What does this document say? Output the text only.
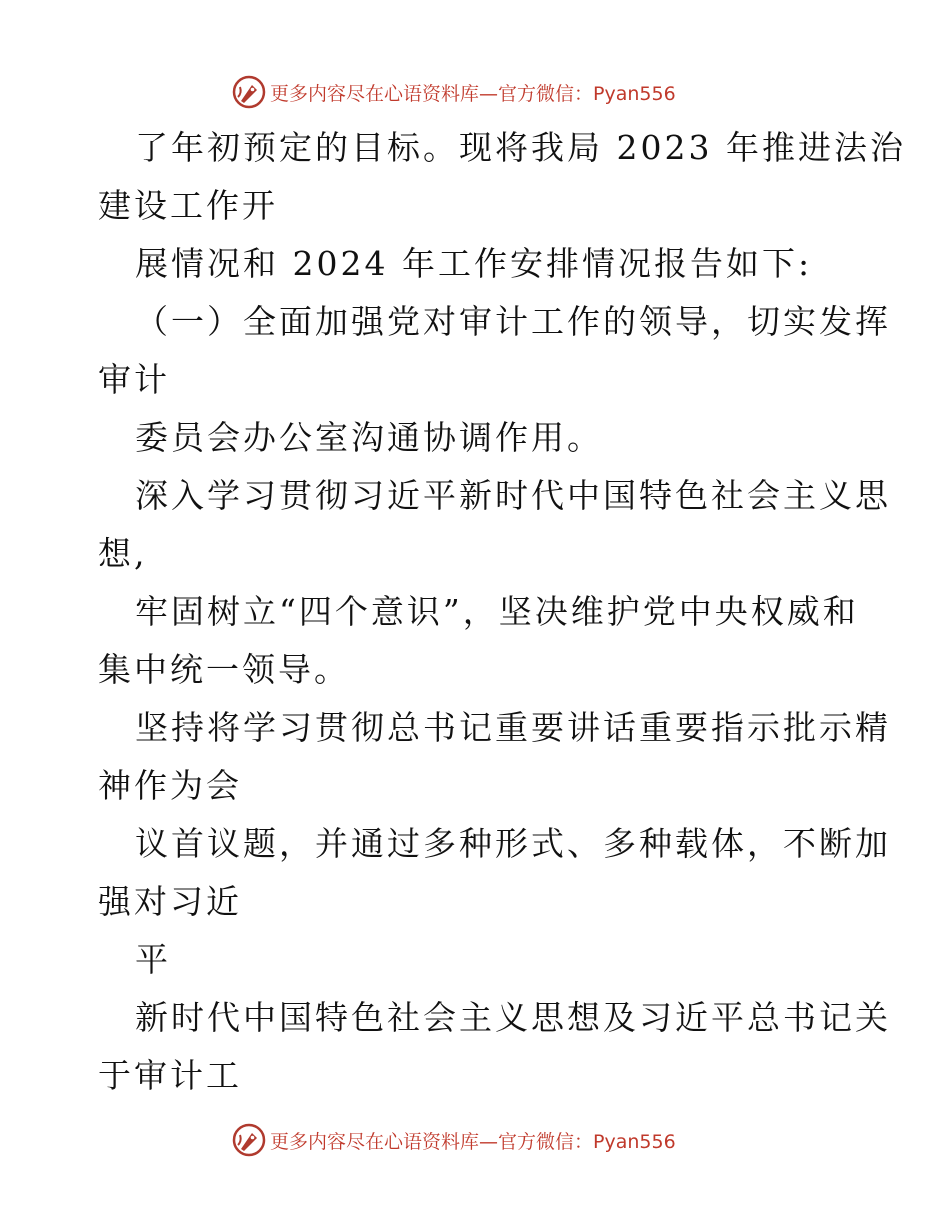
更多内容尽在心语资料库—官方微信：Pyan556
了年初预定的目标。现将我局 2023 年推进法治
建设工作开
展情况和 2024 年工作安排情况报告如下:
（一）全面加强党对审计工作的领导，切实发挥
审计
委员会办公室沟通协调作用。
深入学习贯彻习近平新时代中国特色社会主义思
想,
牢固树立“四个意识”，坚决维护党中央权威和
集中统一领导。
坚持将学习贯彻总书记重要讲话重要指示批示精
神作为会
议首议题，并通过多种形式、多种载体，不断加
强对习近
平
新时代中国特色社会主义思想及习近平总书记关
于审计工
更多内容尽在心语资料库—官方微信：Pyan556
